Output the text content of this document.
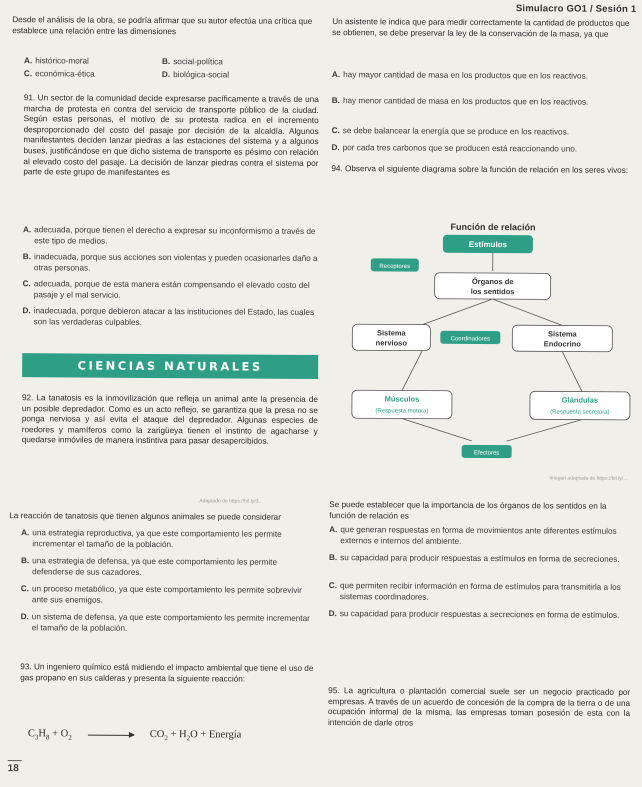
Simulacro GO1 / Sesión 1
Desde el análisis de la obra, se podría afirmar que su autor efectúa una crítica que establece una relación entre las dimensiones
A. histórico-moral	B. social-política
C. económica-ética	D. biológica-social
91. Un sector de la comunidad decide expresarse pacíficamente a través de una marcha de protesta en contra del servicio de transporte público de la ciudad. Según estas personas, el motivo de su protesta radica en el incremento desproporcionado del costo del pasaje por decisión de la alcaldía. Algunos manifestantes deciden lanzar piedras a las estaciones del sistema y a algunos buses, justificándose en que dicho sistema de transporte es pésimo con relación al elevado costo del pasaje. La decisión de lanzar piedras contra el sistema por parte de este grupo de manifestantes es
A. adecuada, porque tienen el derecho a expresar su inconformismo a través de este tipo de medios.
B. inadecuada, porque sus acciones son violentas y pueden ocasionarles daño a otras personas.
C. adecuada, porque de esta manera están compensando el elevado costo del pasaje y el mal servicio.
D. inadecuada, porque debieron atacar a las instituciones del Estado, las cuales son las verdaderas culpables.
CIENCIAS NATURALES
92. La tanatosis es la inmovilización que refleja un animal ante la presencia de un posible depredador. Como es un acto reflejo, se garantiza que la presa no se ponga nerviosa y así evita el ataque del depredador. Algunas especies de roedores y mamíferos como la zarigüeya tienen el instinto de agacharse y quedarse inmóviles de manera instintiva para pasar desapercibidos.
Adaptado de https://bit.ly/3...
La reacción de tanatosis que tienen algunos animales se puede considerar
A. una estrategia reproductiva, ya que este comportamiento les permite incrementar el tamaño de la población.
B. una estrategia de defensa, ya que este comportamiento les permite defenderse de sus cazadores.
C. un proceso metabólico, ya que este comportamiento les permite sobrevivir ante sus enemigos.
D. un sistema de defensa, ya que este comportamiento les permite incrementar el tamaño de la población.
93. Un ingeniero químico está midiendo el impacto ambiental que tiene el uso de gas propano en sus calderas y presenta la siguiente reacción:
$C_3H_8 + O_2$	$CO_2 + H_2O$ + Energía
18
Un asistente le indica que para medir correctamente la cantidad de productos que se obtienen, se debe preservar la ley de la conservación de la masa, ya que
A. hay mayor cantidad de masa en los productos que en los reactivos.
B. hay menor cantidad de masa en los productos que en los reactivos.
C. se debe balancear la energía que se produce en los reactivos.
D. por cada tres carbonos que se producen está reaccionando uno.
94. Observa el siguiente diagrama sobre la función de relación en los seres vivos:
Función de relación
Estímulos
Receptores
Órganos de
los sentidos
Sistema
nervioso	Coordinadores
Sistema
Endocrino
Músculos
(Respuesta motora)
Glándulas
(Respuesta secretora)
Efectores
Imagen adaptada de https://bit.ly/...
Se puede establecer que la importancia de los órganos de los sentidos en la función de relación es
A. que generan respuestas en forma de movimientos ante diferentes estímulos externos e internos del ambiente.
B. su capacidad para producir respuestas a estímulos en forma de secreciones.
C. que permiten recibir información en forma de estímulos para transmitirla a los sistemas coordinadores.
D. su capacidad para producir respuestas a secreciones en forma de estímulos.
95. La agricultura o plantación comercial suele ser un negocio practicado por empresas. A través de un acuerdo de concesión de la compra de la tierra o de una ocupación informal de la misma, las empresas toman posesión de esta con la intención de darle otros
